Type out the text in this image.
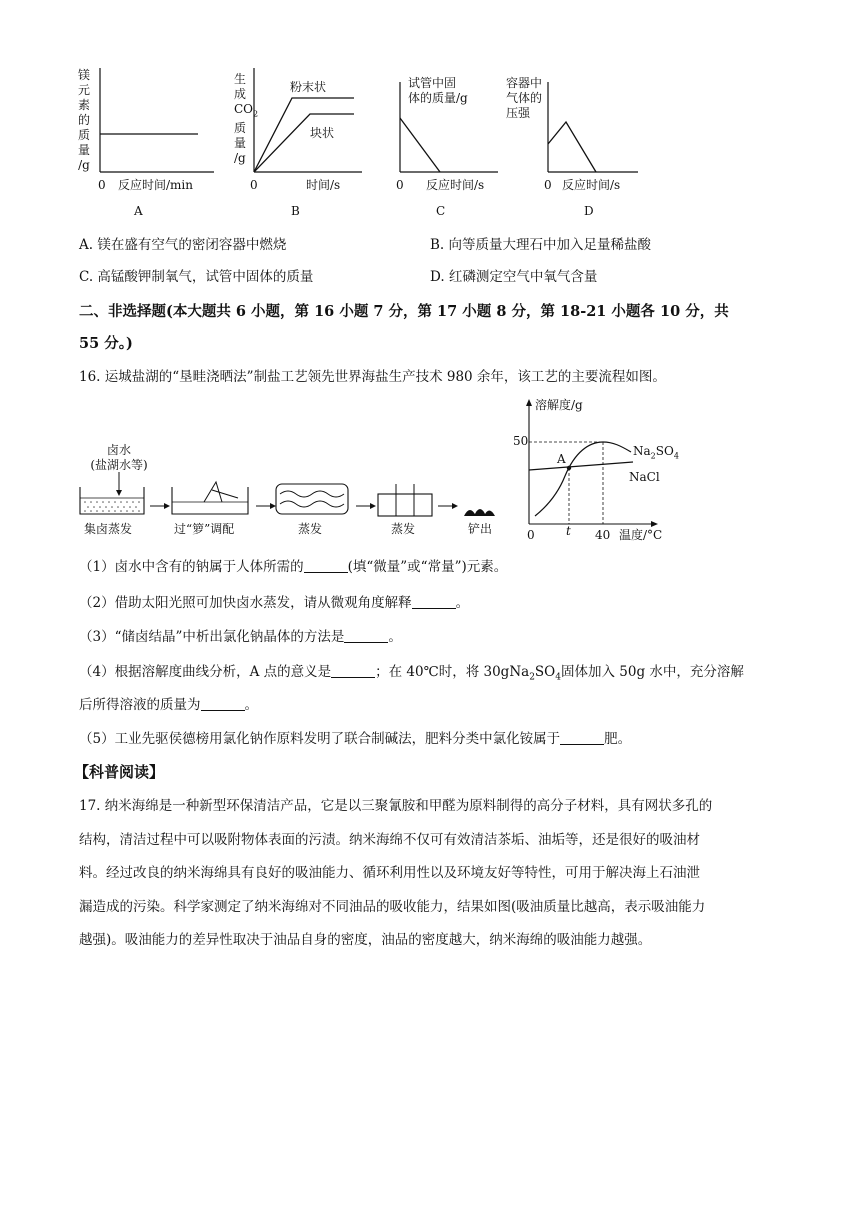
镁
元
素
的
质
量
/g
0 反应时间/min
A
生
成
$CO_2$
质
量
/g
粉末状
块状
0	时间/s
B
试管中固
体的质量/g
0 反应时间/s
C
容器中
气体的
压强
0 反应时间/s
D
A. 镁在盛有空气的密闭容器中燃烧	B. 向等质量大理石中加入足量稀盐酸
C. 高锰酸钾制氧气，试管中固体的质量	D. 红磷测定空气中氧气含量
二、非选择题(本大题共 6 小题，第 16 小题 7 分，第 17 小题 8 分，第 18-21 小题各 10 分，共
55 分。)
16. 运城盐湖的“垦畦浇晒法”制盐工艺领先世界海盐生产技术 980 余年，该工艺的主要流程如图。
卤水
(盐湖水等)
集卤蒸发	过“箩”调配	蒸发	蒸发	铲出
溶解度/g
50
0	t 40 温度/°C
A
$Na_2SO_4$
NaCl
（1）卤水中含有的钠属于人体所需的	(填“微量”或“常量”)元素。
（2）借助太阳光照可加快卤水蒸发，请从微观角度解释	。
（3）“储卤结晶”中析出氯化钠晶体的方法是	。
（4）根据溶解度曲线分析，A 点的意义是	；在 40℃时，将 $30gNa_2SO_4$固体加入 50g 水中，充分溶解
后所得溶液的质量为	。
（5）工业先驱侯德榜用氯化钠作原料发明了联合制碱法，肥料分类中氯化铵属于	肥。
【科普阅读】
17. 纳米海绵是一种新型环保清洁产品，它是以三聚氰胺和甲醛为原料制得的高分子材料，具有网状多孔的
结构，清洁过程中可以吸附物体表面的污渍。纳米海绵不仅可有效清洁茶垢、油垢等，还是很好的吸油材
料。经过改良的纳米海绵具有良好的吸油能力、循环利用性以及环境友好等特性，可用于解决海上石油泄
漏造成的污染。科学家测定了纳米海绵对不同油品的吸收能力，结果如图(吸油质量比越高，表示吸油能力
越强)。吸油能力的差异性取决于油品自身的密度，油品的密度越大，纳米海绵的吸油能力越强。
